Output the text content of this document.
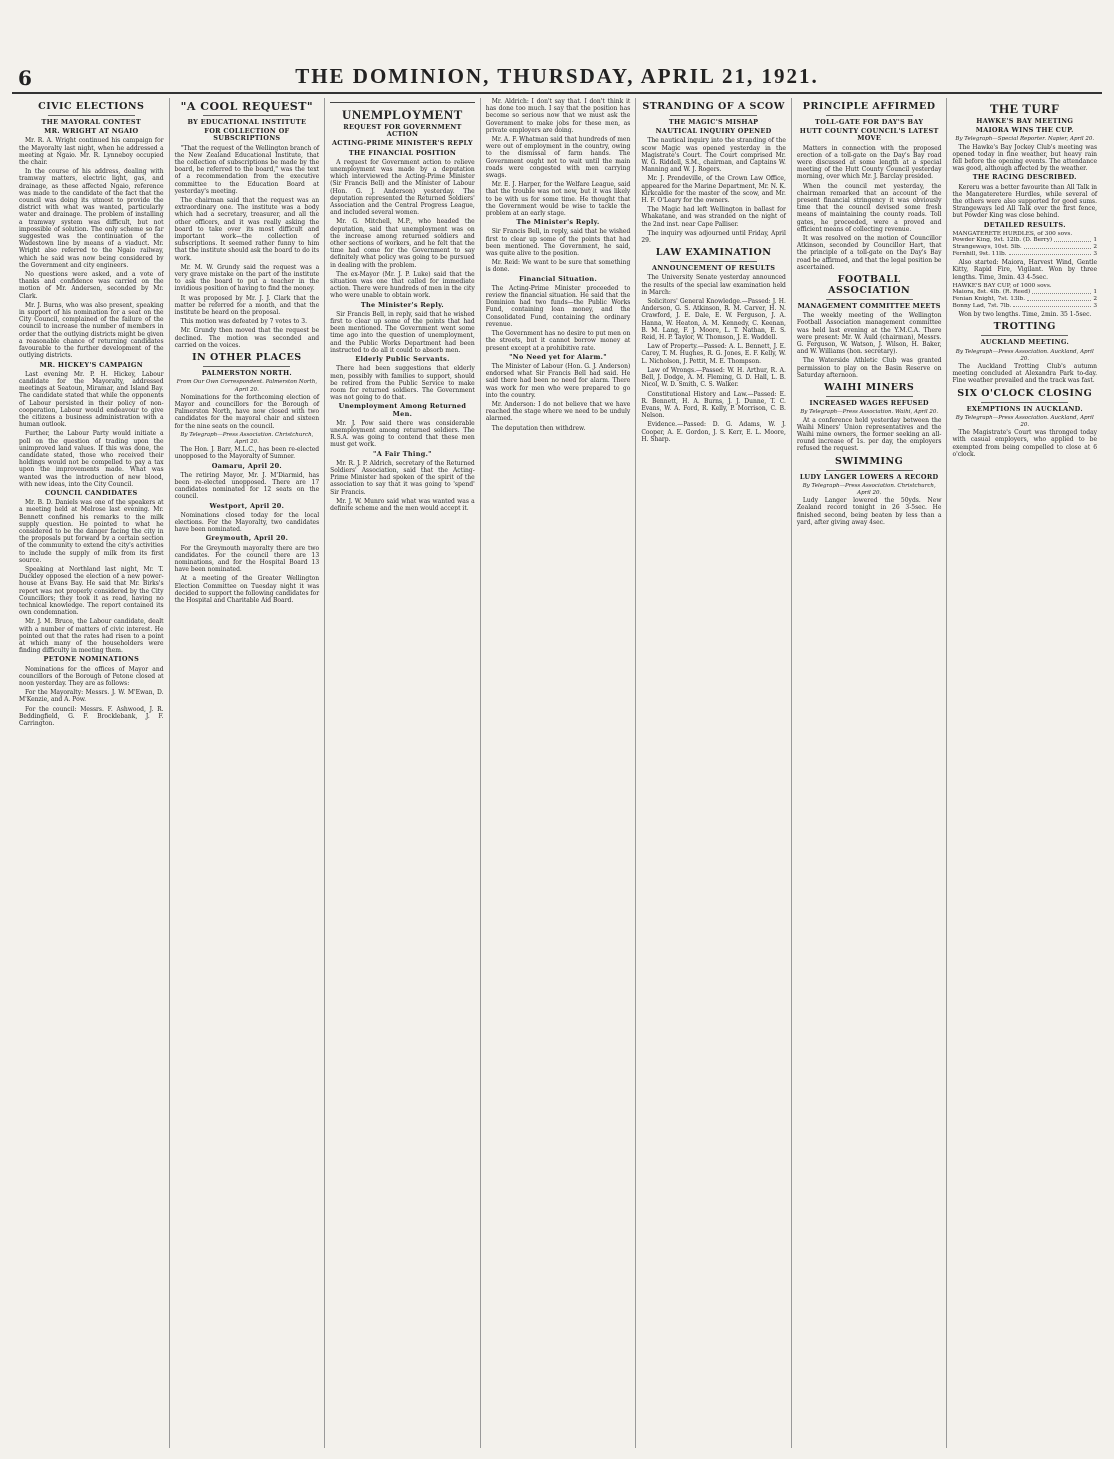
6	THE DOMINION, THURSDAY, APRIL 21, 1921.
CIVIC ELECTIONS
THE MAYORAL CONTEST
MR. WRIGHT AT NGAIO

Mr. R. A. Wright continued his campaign for the Mayoralty last night, when he addressed a meeting at Ngaio. Mr. R. Lynneboy occupied the chair.

In the course of his address, dealing with tramway matters, electric light, gas, and drainage, as these affected Ngaio, reference was made to the candidate of the fact that the council was doing its utmost to provide the district with what was wanted, particularly water and drainage. The problem of installing a tramway system was difficult, but not impossible of solution. The only scheme so far suggested was the continuation of the Wadestown line by means of a viaduct. Mr. Wright also referred to the Ngaio railway, which he said was now being considered by the Government and city engineers.

No questions were asked, and a vote of thanks and confidence was carried on the motion of Mr. Andersen, seconded by Mr. Clark.

Mr. J. Burns, who was also present, speaking in support of his nomination for a seat on the City Council, complained of the failure of the council to increase the number of members in order that the outlying districts might be given a reasonable chance of returning candidates favourable to the further development of the outlying districts.

MR. HICKEY'S CAMPAIGN

Last evening Mr. P. H. Hickey, Labour candidate for the Mayoralty, addressed meetings at Seatoun, Miramar, and Island Bay. The candidate stated that while the opponents of Labour persisted in their policy of non-cooperation, Labour would endeavour to give the citizens a business administration with a human outlook.

Further, the Labour Party would initiate a poll on the question of trading upon the unimproved land values. If this was done, the candidate stated, those who received their holdings would not be compelled to pay a tax upon the improvements made. What was wanted was the introduction of new blood, with new ideas, into the City Council.

COUNCIL CANDIDATES

Mr. B. D. Daniels was one of the speakers at a meeting held at Melrose last evening. Mr. Bennett confined his remarks to the milk supply question. He pointed to what he considered to be the danger facing the city in the proposals put forward by a certain section of the community to extend the city's activities to include the supply of milk from its first source.

Speaking at Northland last night, Mr. T. Duckley opposed the election of a new power-house at Evans Bay. He said that Mr. Birks's report was not properly considered by the City Councillors; they took it as read, having no technical knowledge. The report contained its own condemnation.

Mr. J. M. Bruce, the Labour candidate, dealt with a number of matters of civic interest. He pointed out that the rates had risen to a point at which many of the householders were finding difficulty in meeting them.

PETONE NOMINATIONS

Nominations for the offices of Mayor and councillors of the Borough of Petone closed at noon yesterday. They are as follows:

For the Mayoralty: Messrs. J. W. M'Ewan, D. M'Kenzie, and A. Pow.

For the council: Messrs. F. Ashwood, J. R. Beddingfield, G. F. Brocklebank, J. F. Carrington.

"A COOL REQUEST"
BY EDUCATIONAL INSTITUTE
FOR COLLECTION OF SUBSCRIPTIONS

"That the request of the Wellington branch of the New Zealand Educational Institute, that the collection of subscriptions be made by the board, be referred to the board," was the text of a recommendation from the executive committee to the Education Board at yesterday's meeting.

The chairman said that the request was an extraordinary one. The institute was a body which had a secretary, treasurer, and all the other officers, and it was really asking the board to take over its most difficult and important work—the collection of subscriptions. It seemed rather funny to him that the institute should ask the board to do its work.

Mr. M. W. Grundy said the request was a very grave mistake on the part of the institute to ask the board to put a teacher in the invidious position of having to find the money.

It was proposed by Mr. J. J. Clark that the matter be referred for a month, and that the institute be heard on the proposal.

This motion was defeated by 7 votes to 3.

Mr. Grundy then moved that the request be declined. The motion was seconded and carried on the voices.

IN OTHER PLACES
PALMERSTON NORTH.
From Our Own Correspondent. Palmerston North, April 20.

Nominations for the forthcoming election of Mayor and councillors for the Borough of Palmerston North, have now closed with two candidates for the mayoral chair and sixteen for the nine seats on the council.

By Telegraph—Press Association. Christchurch, April 20.

The Hon. J. Barr, M.L.C., has been re-elected unopposed to the Mayoralty of Sumner.

Oamaru, April 20.

The retiring Mayor, Mr. J. M'Diarmid, has been re-elected unopposed. There are 17 candidates nominated for 12 seats on the council.

Westport, April 20.

Nominations closed today for the local elections. For the Mayoralty, two candidates have been nominated.

Greymouth, April 20.

For the Greymouth mayoralty there are two candidates. For the council there are 13 nominations, and for the Hospital Board 13 have been nominated.

At a meeting of the Greater Wellington Election Committee on Tuesday night it was decided to support the following candidates for the Hospital and Charitable Aid Board.

UNEMPLOYMENT
REQUEST FOR GOVERNMENT ACTION
ACTING-PRIME MINISTER'S REPLY
THE FINANCIAL POSITION

A request for Government action to relieve unemployment was made by a deputation which interviewed the Acting-Prime Minister (Sir Francis Bell) and the Minister of Labour (Hon. G. J. Anderson) yesterday. The deputation represented the Returned Soldiers' Association and the Central Progress League, and included several women.

Mr. G. Mitchell, M.P., who headed the deputation, said that unemployment was on the increase among returned soldiers and other sections of workers, and he felt that the time had come for the Government to say definitely what policy was going to be pursued in dealing with the problem.

The ex-Mayor (Mr. J. P. Luke) said that the situation was one that called for immediate action. There were hundreds of men in the city who were unable to obtain work.

The Minister's Reply.

Sir Francis Bell, in reply, said that he wished first to clear up some of the points that had been mentioned. The Government went some time ago into the question of unemployment, and the Public Works Department had been instructed to do all it could to absorb men.

Elderly Public Servants.

There had been suggestions that elderly men, possibly with families to support, should be retired from the Public Service to make room for returned soldiers. The Government was not going to do that.

Unemployment Among Returned Men.

Mr. J. Pow said there was considerable unemployment among returned soldiers. The R.S.A. was going to contend that these men must get work.

"A Fair Thing."

Mr. R. J. P. Aldrich, secretary of the Returned Soldiers' Association, said that the Acting-Prime Minister had spoken of the spirit of the association to say that it was going to 'spend' Sir Francis.

Mr. J. W. Munro said what was wanted was a definite scheme and the men would accept it.

Mr. Aldrich: I don't say that. I don't think it has done too much. I say that the position has become so serious now that we must ask the Government to make jobs for these men, as private employers are doing.

Mr. A. F. Whatman said that hundreds of men were out of employment in the country, owing to the dismissal of farm hands. The Government ought not to wait until the main roads were congested with men carrying swags.

Mr. E. J. Harper, for the Welfare League, said that the trouble was not new, but it was likely to be with us for some time. He thought that the Government would be wise to tackle the problem at an early stage.

The Minister's Reply.

Sir Francis Bell, in reply, said that he wished first to clear up some of the points that had been mentioned. The Government, he said, was quite alive to the position.

Mr. Reid: We want to be sure that something is done.

Financial Situation.

The Acting-Prime Minister proceeded to review the financial situation. He said that the Dominion had two funds—the Public Works Fund, containing loan money, and the Consolidated Fund, containing the ordinary revenue.

The Government has no desire to put men on the streets, but it cannot borrow money at present except at a prohibitive rate.

"No Need yet for Alarm."

The Minister of Labour (Hon. G. J. Anderson) endorsed what Sir Francis Bell had said. He said there had been no need for alarm. There was work for men who were prepared to go into the country.

Mr. Anderson: I do not believe that we have reached the stage where we need to be unduly alarmed.

The deputation then withdrew.

STRANDING OF A SCOW
THE MAGIC'S MISHAP
NAUTICAL INQUIRY OPENED

The nautical inquiry into the stranding of the scow Magic was opened yesterday in the Magistrate's Court. The Court comprised Mr. W. G. Riddell, S.M., chairman, and Captains W. Manning and W. J. Rogers.

Mr. J. Prendeville, of the Crown Law Office, appeared for the Marine Department, Mr. N. K. Kirkcaldie for the master of the scow, and Mr. H. F. O'Leary for the owners.

The Magic had left Wellington in ballast for Whakatane, and was stranded on the night of the 2nd inst. near Cape Palliser.

The inquiry was adjourned until Friday, April 29.

LAW EXAMINATION
ANNOUNCEMENT OF RESULTS

The University Senate yesterday announced the results of the special law examination held in March:

Solicitors' General Knowledge.—Passed: J. H. Anderson, G. S. Atkinson, R. M. Carver, H. N. Crawford, J. E. Dale, E. W. Ferguson, J. A. Hanna, W. Heaton, A. M. Kennedy, C. Keenan, B. M. Lang, F. J. Moore, L. T. Nathan, E. S. Reid, H. P. Taylor, W. Thomson, J. E. Waddell.

Law of Property.—Passed: A. L. Bennett, J. E. Carey, T. M. Hughes, R. G. Jones, E. F. Kelly, W. L. Nicholson, J. Pettit, M. E. Thompson.

Law of Wrongs.—Passed: W. H. Arthur, R. A. Bell, J. Dodge, A. M. Fleming, G. D. Hall, L. B. Nicol, W. D. Smith, C. S. Walker.

Constitutional History and Law.—Passed: E. R. Bennett, H. A. Burns, J. J. Dunne, T. C. Evans, W. A. Ford, R. Kelly, P. Morrison, C. B. Nelson.

Evidence.—Passed: D. G. Adams, W. J. Cooper, A. E. Gordon, J. S. Kerr, E. L. Moore, H. Sharp.

PRINCIPLE AFFIRMED
TOLL-GATE FOR DAY'S BAY
HUTT COUNTY COUNCIL'S LATEST MOVE

Matters in connection with the proposed erection of a toll-gate on the Day's Bay road were discussed at some length at a special meeting of the Hutt County Council yesterday morning, over which Mr. J. Barclay presided.

When the council met yesterday, the chairman remarked that an account of the present financial stringency it was obviously time that the council devised some fresh means of maintaining the county roads. Toll gates, he proceeded, were a proved and efficient means of collecting revenue.

It was resolved on the motion of Councillor Atkinson, seconded by Councillor Hart, that the principle of a toll-gate on the Day's Bay road be affirmed, and that the legal position be ascertained.

FOOTBALL ASSOCIATION
MANAGEMENT COMMITTEE MEETS

The weekly meeting of the Wellington Football Association management committee was held last evening at the Y.M.C.A. There were present: Mr. W. Auld (chairman), Messrs. G. Ferguson, W. Watson, J. Wilson, H. Baker, and W. Williams (hon. secretary).

The Waterside Athletic Club was granted permission to play on the Basin Reserve on Saturday afternoon.

WAIHI MINERS
INCREASED WAGES REFUSED
By Telegraph—Press Association. Waihi, April 20.

At a conference held yesterday between the Waihi Miners' Union representatives and the Waihi mine owners, the former seeking an all-round increase of 1s. per day, the employers refused the request.

SWIMMING
LUDY LANGER LOWERS A RECORD
By Telegraph—Press Association. Christchurch, April 20.

Ludy Langer lowered the 50yds. New Zealand record tonight in 26 3-5sec. He finished second, being beaten by less than a yard, after giving away 4sec.

THE TURF
HAWKE'S BAY MEETING
MAIORA WINS THE CUP.
By Telegraph—Special Reporter. Napier, April 20.

The Hawke's Bay Jockey Club's meeting was opened today in fine weather, but heavy rain fell before the opening events. The attendance was good, although affected by the weather.

THE RACING DESCRIBED.

Kereru was a better favourite than All Talk in the Mangateretere Hurdles, while several of the others were also supported for good sums. Strangeways led All Talk over the first fence, but Powder King was close behind.

DETAILED RESULTS.
MANGATERETE HURDLES, of 300 sovs.
Powder King, 9st. 12lb. (D. Berry)	1
Strangeways, 10st. 5lb.	2
Fernhill, 9st. 11lb.	3

Also started: Maiora, Harvest Wind, Gentle Kitty, Rapid Fire, Vigilant. Won by three lengths. Time, 3min. 43 4-5sec.

HAWKE'S BAY CUP, of 1000 sovs.
Maiora, 8st. 4lb. (R. Reed)	1
Fenian Knight, 7st. 13lb.	2
Bonny Lad, 7st. 7lb.	3

Won by two lengths. Time, 2min. 35 1-5sec.

TROTTING
AUCKLAND MEETING.
By Telegraph—Press Association. Auckland, April 20.

The Auckland Trotting Club's autumn meeting concluded at Alexandra Park to-day. Fine weather prevailed and the track was fast.

SIX O'CLOCK CLOSING
EXEMPTIONS IN AUCKLAND.
By Telegraph—Press Association. Auckland, April 20.

The Magistrate's Court was thronged today with casual employers, who applied to be exempted from being compelled to close at 6 o'clock.
